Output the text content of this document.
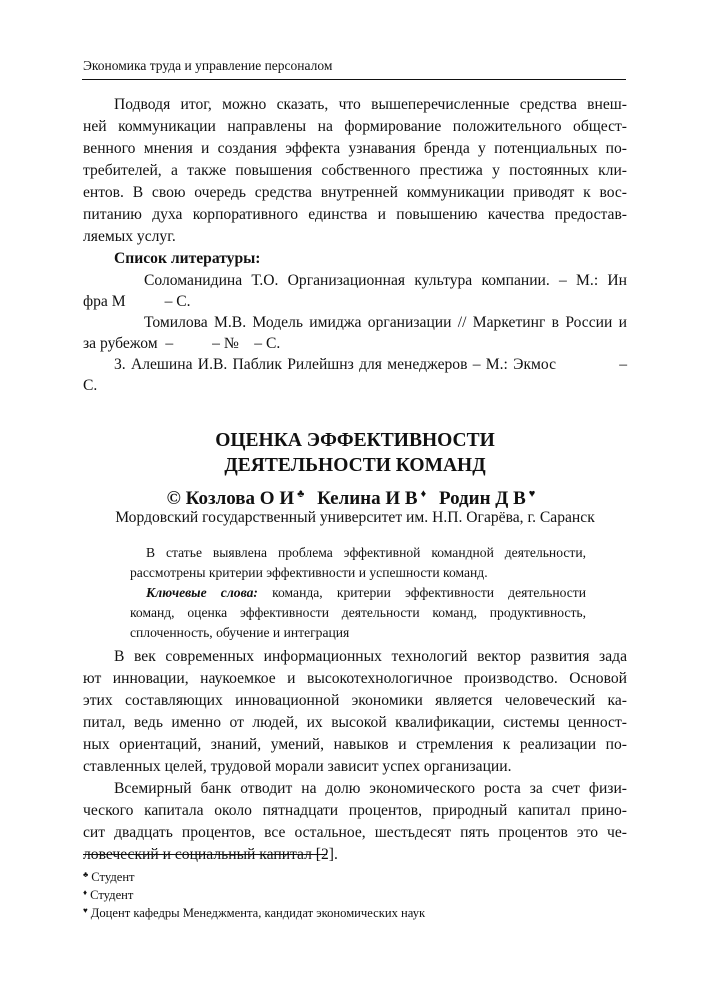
Экономика труда и управление персоналом
Подводя итог, можно сказать, что вышеперечисленные средства внеш-
ней коммуникации направлены на формирование положительного общест-
венного мнения и создания эффекта узнавания бренда у потенциальных по-
требителей, а также повышения собственного престижа у постоянных кли-
ентов. В свою очередь средства внутренней коммуникации приводят к вос-
питанию духа корпоративного единства и повышению качества предостав-
ляемых услуг.
Список литературы:
Соломанидина Т.О. Организационная культура компании. – М.: Ин
фра М          – С.
Томилова М.В. Модель имиджа организации // Маркетинг в России и
за рубежом  –          – №    – С.
3. Алешина И.В. Паблик Рилейшнз для менеджеров – М.: Экмос            –
С.
ОЦЕНКА ЭФФЕКТИВНОСТИ
ДЕЯТЕЛЬНОСТИ КОМАНД
© Козлова О И ♣ Келина И В ♦ Родин Д В ♥
Мордовский государственный университет им. Н.П. Огарёва, г. Саранск
В статье выявлена проблема эффективной командной деятельности,
рассмотрены критерии эффективности и успешности команд.
Ключевые слова: команда, критерии эффективности деятельности
команд, оценка эффективности деятельности команд, продуктивность,
сплоченность, обучение и интеграция
В век современных информационных технологий вектор развития зада
ют инновации, наукоемкое и высокотехнологичное производство. Основой
этих составляющих инновационной экономики является человеческий ка-
питал, ведь именно от людей, их высокой квалификации, системы ценност-
ных ориентаций, знаний, умений, навыков и стремления к реализации по-
ставленных целей, трудовой морали зависит успех организации.
Всемирный банк отводит на долю экономического роста за счет физи-
ческого капитала около пятнадцати процентов, природный капитал прино-
сит двадцать процентов, все остальное, шестьдесят пять процентов это че-
ловеческий и социальный капитал [2].
♣ Студент
♦ Студент
♥ Доцент кафедры Менеджмента, кандидат экономических наук
